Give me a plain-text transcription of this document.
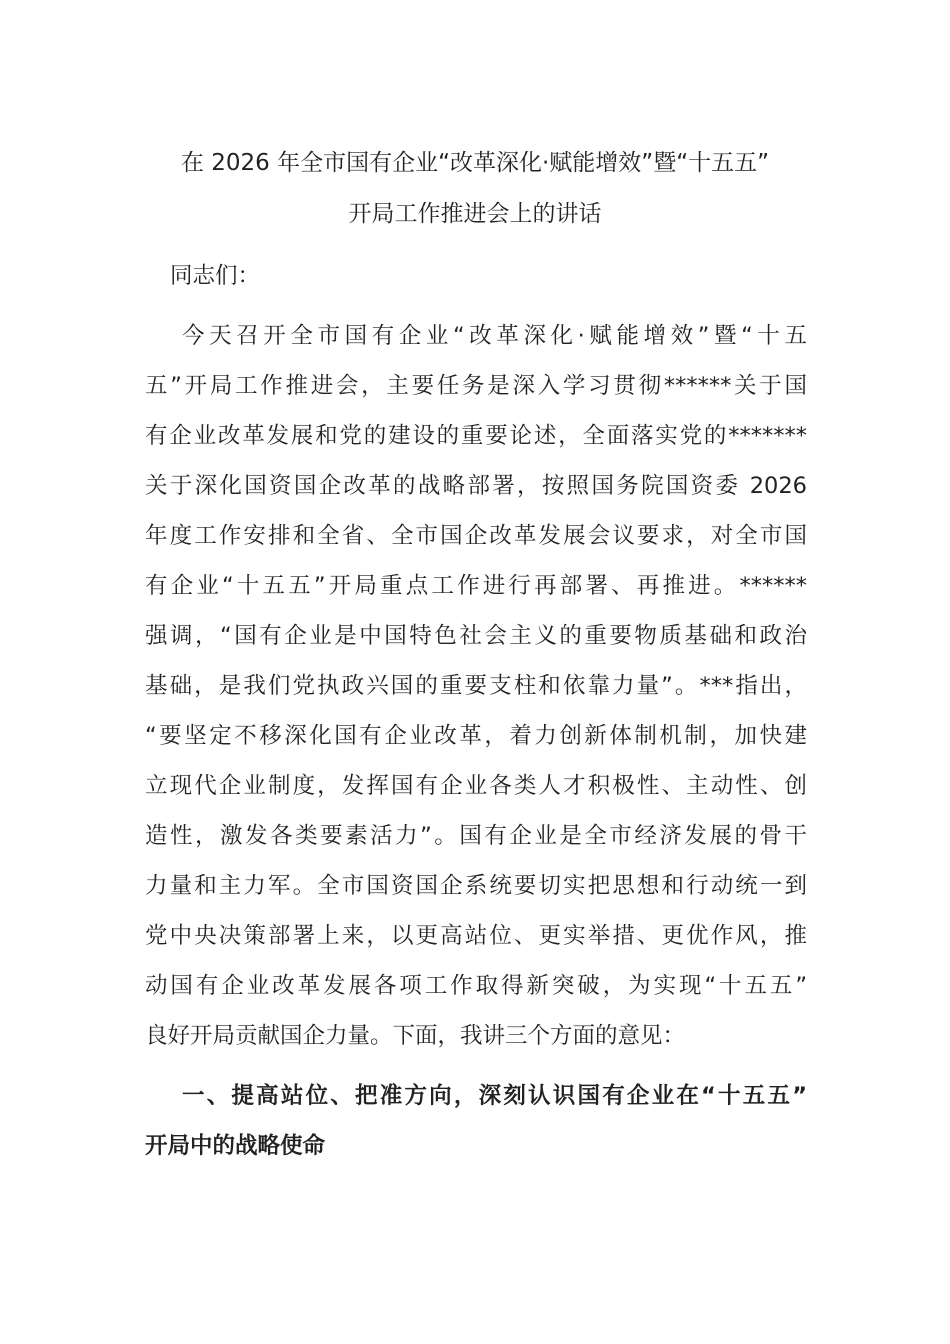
在 2026 年全市国有企业“改革深化·赋能增效”暨“十五五”
开局工作推进会上的讲话

同志们：

今天召开全市国有企业“改革深化·赋能增效”暨“十五

五”开局工作推进会，主要任务是深入学习贯彻******关于国

有企业改革发展和党的建设的重要论述，全面落实党的*******

关于深化国资国企改革的战略部署，按照国务院国资委 2026

年度工作安排和全省、全市国企改革发展会议要求，对全市国

有企业“十五五”开局重点工作进行再部署、再推进。******

强调，“国有企业是中国特色社会主义的重要物质基础和政治

基础，是我们党执政兴国的重要支柱和依靠力量”。***指出，

“要坚定不移深化国有企业改革，着力创新体制机制，加快建

立现代企业制度，发挥国有企业各类人才积极性、主动性、创

造性，激发各类要素活力”。国有企业是全市经济发展的骨干

力量和主力军。全市国资国企系统要切实把思想和行动统一到

党中央决策部署上来，以更高站位、更实举措、更优作风，推

动国有企业改革发展各项工作取得新突破，为实现“十五五”

良好开局贡献国企力量。下面，我讲三个方面的意见：

一、提高站位、把准方向，深刻认识国有企业在“十五五”

开局中的战略使命
